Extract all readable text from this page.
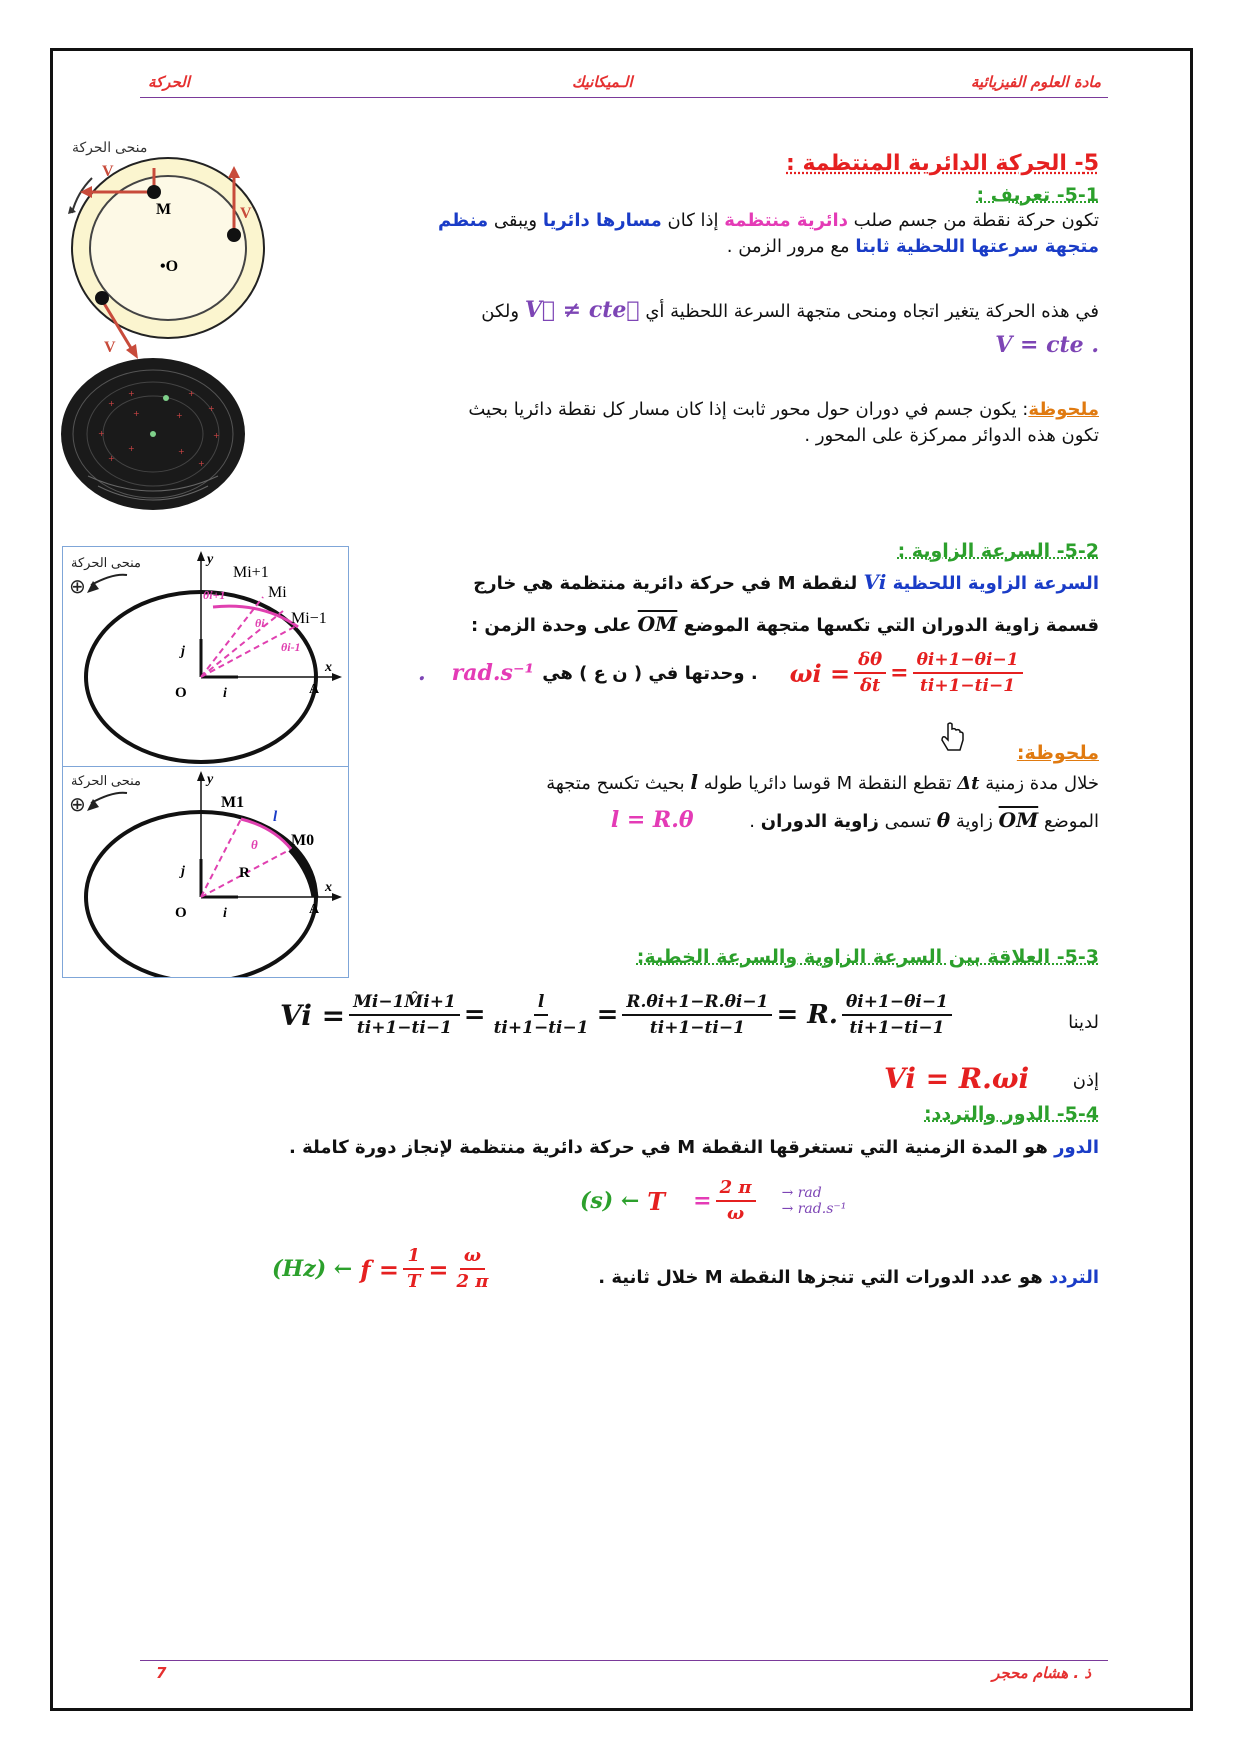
مادة العلوم الفيزيائية
الـميكانيك
الحركة
منحى الحركة
M
V
•O
V
V
+
+	+
+
+	+
+
+
+	+
+	+
5- الحركة الدائرية المنتظمة :
5-1- تعريف :
تكون حركة نقطة من جسم صلب دائرية منتظمة إذا كان مسارها دائريا ويبقى منظم
متجهة سرعتها اللحظية ثابتا مع مرور الزمن .
في هذه الحركة يتغير اتجاه ومنحى متجهة السرعة اللحظية أي V⃗ ≠ cte⃗ ولكن
. V = cte
ملحوظة: يكون جسم في دوران حول محور ثابت إذا كان مسار كل نقطة دائريا بحيث
تكون هذه الدوائر ممركزة على المحور .
منحى الحركة
⊕
y
x
O	A
j
i
Mi+1
Mi
Mi−1
θi+1
θi
θi-1
منحى الحركة
⊕
y
x
O	A
j
i
M1
M0
R
l
θ
5-2- السرعة الزاوية :
السرعة الزاوية اللحظية Vi لنقطة M في حركة دائرية منتظمة هي خارج
قسمة زاوية الدوران التي تكسها متجهة الموضع OM على وحدة الزمن :
. rad.s⁻¹ . وحدتها في ( ن ع ) هي $\omega i = \frac{\delta\theta}{\delta t} = \frac{\theta i+1-\theta i-1}{ti+1-ti-1}$
ملحوظة:
خلال مدة زمنية Δt تقطع النقطة M قوسا دائريا طوله l بحيث تكسح متجهة
الموضع OM زاوية θ تسمى زاوية الدوران . l = R.θ
5-3- العلاقة بين السرعة الزاوية والسرعة الخطية:
لدينا
$Vi = \frac{Mi-1M̂i+1}{ti+1-ti-1} = \frac{l}{ti+1-ti-1} = \frac{R.\theta i+1-R.\theta i-1}{ti+1-ti-1} = R$. $\frac{\theta i+1-\theta i-1}{ti+1-ti-1}$
إذن
Vi = R.ωi
5-4- الدور والتردد:
الدور هو المدة الزمنية التي تستغرقها النقطة M في حركة دائرية منتظمة لإنجاز دورة كاملة .
(s) ← $T = \frac{2 \pi}{\omega}$ → rad
→ rad.s⁻¹
التردد هو عدد الدورات التي تنجزها النقطة M خلال ثانية .
(Hz) ← $f = \frac{1}{T} = \frac{\omega}{2 \pi}$
7	ذ . هشام محجر
